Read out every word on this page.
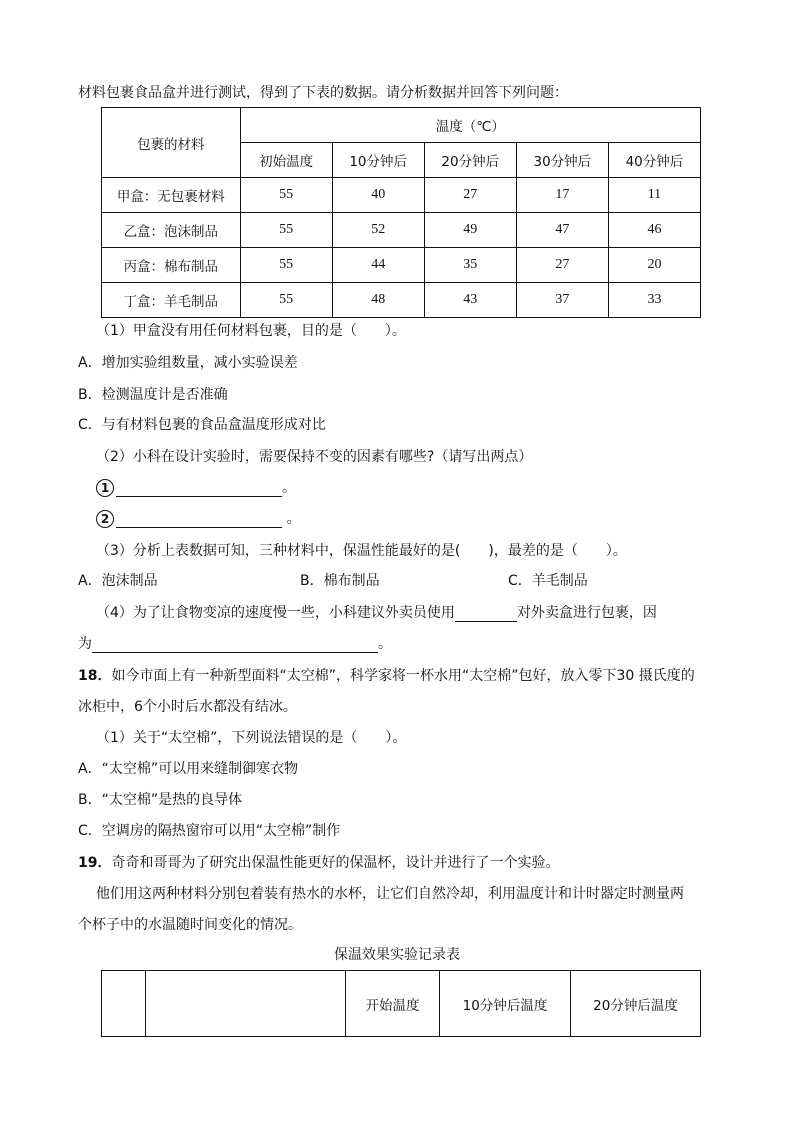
材料包裹食品盒并进行测试，得到了下表的数据。请分析数据并回答下列问题：
包裹的材料	温度（℃）				
	初始温度	10分钟后	20分钟后	30分钟后	40分钟后
甲盒：无包裹材料	55	40	27	17	11
乙盒：泡沫制品	55	52	49	47	46
丙盒：棉布制品	55	44	35	27	20
丁盒：羊毛制品	55	48	43	37	33
（1）甲盒没有用任何材料包裹，目的是（　　）。
A．增加实验组数量，减小实验误差
B．检测温度计是否准确
C．与有材料包裹的食品盒温度形成对比
（2）小科在设计实验时，需要保持不变的因素有哪些?（请写出两点）
1	。
2	。
（3）分析上表数据可知，三种材料中，保温性能最好的是(　　)，最差的是（　　）。
A．泡沫制品	B．棉布制品	C．羊毛制品
（4）为了让食物变凉的速度慢一些，小科建议外卖员使用	对外卖盒进行包裹，因
为	。
18．如今市面上有一种新型面料“太空棉”，科学家将一杯水用“太空棉”包好，放入零下30 摄氏度的
冰柜中，6个小时后水都没有结冰。
（1）关于“太空棉”，下列说法错误的是（　　）。
A．“太空棉”可以用来缝制御寒衣物
B．“太空棉”是热的良导体
C．空调房的隔热窗帘可以用“太空棉”制作
19．奇奇和哥哥为了研究出保温性能更好的保温杯，设计并进行了一个实验。
他们用这两种材料分别包着装有热水的水杯，让它们自然冷却，利用温度计和计时器定时测量两
个杯子中的水温随时间变化的情况。
保温效果实验记录表
		开始温度	10分钟后温度	20分钟后温度
